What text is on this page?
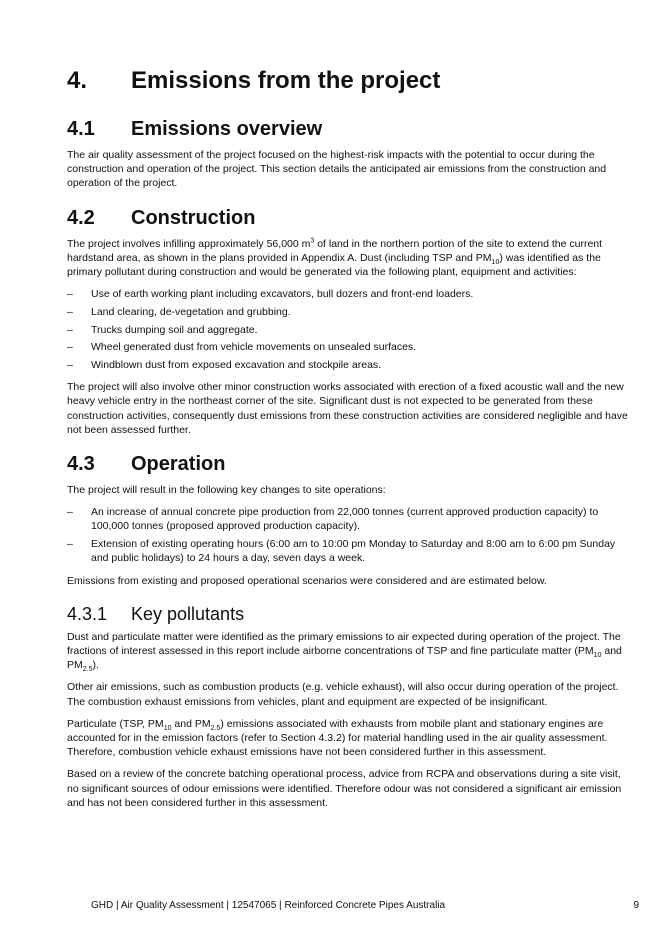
4.	Emissions from the project
4.1	Emissions overview

The air quality assessment of the project focused on the highest-risk impacts with the potential to occur during the construction and operation of the project. This section details the anticipated air emissions from the construction and operation of the project.

4.2	Construction

The project involves infilling approximately 56,000 $m^3$ of land in the northern portion of the site to extend the current hardstand area, as shown in the plans provided in Appendix A. Dust (including TSP and $PM_{10}$) was identified as the primary pollutant during construction and would be generated via the following plant, equipment and activities:

– Use of earth working plant including excavators, bull dozers and front-end loaders.
– Land clearing, de-vegetation and grubbing.
– Trucks dumping soil and aggregate.
– Wheel generated dust from vehicle movements on unsealed surfaces.
– Windblown dust from exposed excavation and stockpile areas.

The project will also involve other minor construction works associated with erection of a fixed acoustic wall and the new heavy vehicle entry in the northeast corner of the site. Significant dust is not expected to be generated from these construction activities, consequently dust emissions from these construction activities are considered negligible and have not been assessed further.

4.3	Operation

The project will result in the following key changes to site operations:

– An increase of annual concrete pipe production from 22,000 tonnes (current approved production capacity) to 100,000 tonnes (proposed approved production capacity).
– Extension of existing operating hours (6:00 am to 10:00 pm Monday to Saturday and 8:00 am to 6:00 pm Sunday and public holidays) to 24 hours a day, seven days a week.

Emissions from existing and proposed operational scenarios were considered and are estimated below.

4.3.1	Key pollutants

Dust and particulate matter were identified as the primary emissions to air expected during operation of the project. The fractions of interest assessed in this report include airborne concentrations of TSP and fine particulate matter ($PM_{10}$ and $PM_{2.5}$).

Other air emissions, such as combustion products (e.g. vehicle exhaust), will also occur during operation of the project. The combustion exhaust emissions from vehicles, plant and equipment are expected of be insignificant.

Particulate (TSP, $PM_{10}$ and $PM_{2.5}$) emissions associated with exhausts from mobile plant and stationary engines are accounted for in the emission factors (refer to Section 4.3.2) for material handling used in the air quality assessment. Therefore, combustion vehicle exhaust emissions have not been considered further in this assessment.

Based on a review of the concrete batching operational process, advice from RCPA and observations during a site visit, no significant sources of odour emissions were identified. Therefore odour was not considered a significant air emission and has not been considered further in this assessment.

GHD | Air Quality Assessment | 12547065 | Reinforced Concrete Pipes Australia	9
